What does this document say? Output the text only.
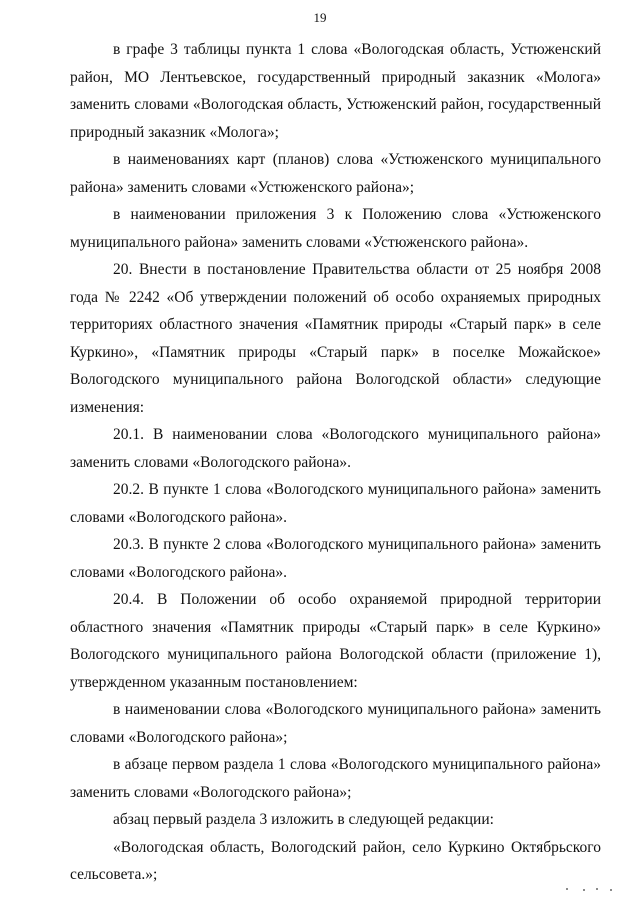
19

в графе 3 таблицы пункта 1 слова «Вологодская область, Устюженский район, МО Лентьевское, государственный природный заказник «Молога» заменить словами «Вологодская область, Устюженский район, государственный природный заказник «Молога»;

в наименованиях карт (планов) слова «Устюженского муниципального района» заменить словами «Устюженского района»;

в наименовании приложения 3 к Положению слова «Устюженского муниципального района» заменить словами «Устюженского района».

20. Внести в постановление Правительства области от 25 ноября 2008 года № 2242 «Об утверждении положений об особо охраняемых природных территориях областного значения «Памятник природы «Старый парк» в селе Куркино», «Памятник природы «Старый парк» в поселке Можайское» Вологодского муниципального района Вологодской области» следующие изменения:

20.1. В наименовании слова «Вологодского муниципального района» заменить словами «Вологодского района».

20.2. В пункте 1 слова «Вологодского муниципального района» заменить словами «Вологодского района».

20.3. В пункте 2 слова «Вологодского муниципального района» заменить словами «Вологодского района».

20.4. В Положении об особо охраняемой природной территории областного значения «Памятник природы «Старый парк» в селе Куркино» Вологодского муниципального района Вологодской области (приложение 1), утвержденном указанным постановлением:

в наименовании слова «Вологодского муниципального района» заменить словами «Вологодского района»;

в абзаце первом раздела 1 слова «Вологодского муниципального района» заменить словами «Вологодского района»;

абзац первый раздела 3 изложить в следующей редакции:

«Вологодская область, Вологодский район, село Куркино Октябрьского сельсовета.»;
